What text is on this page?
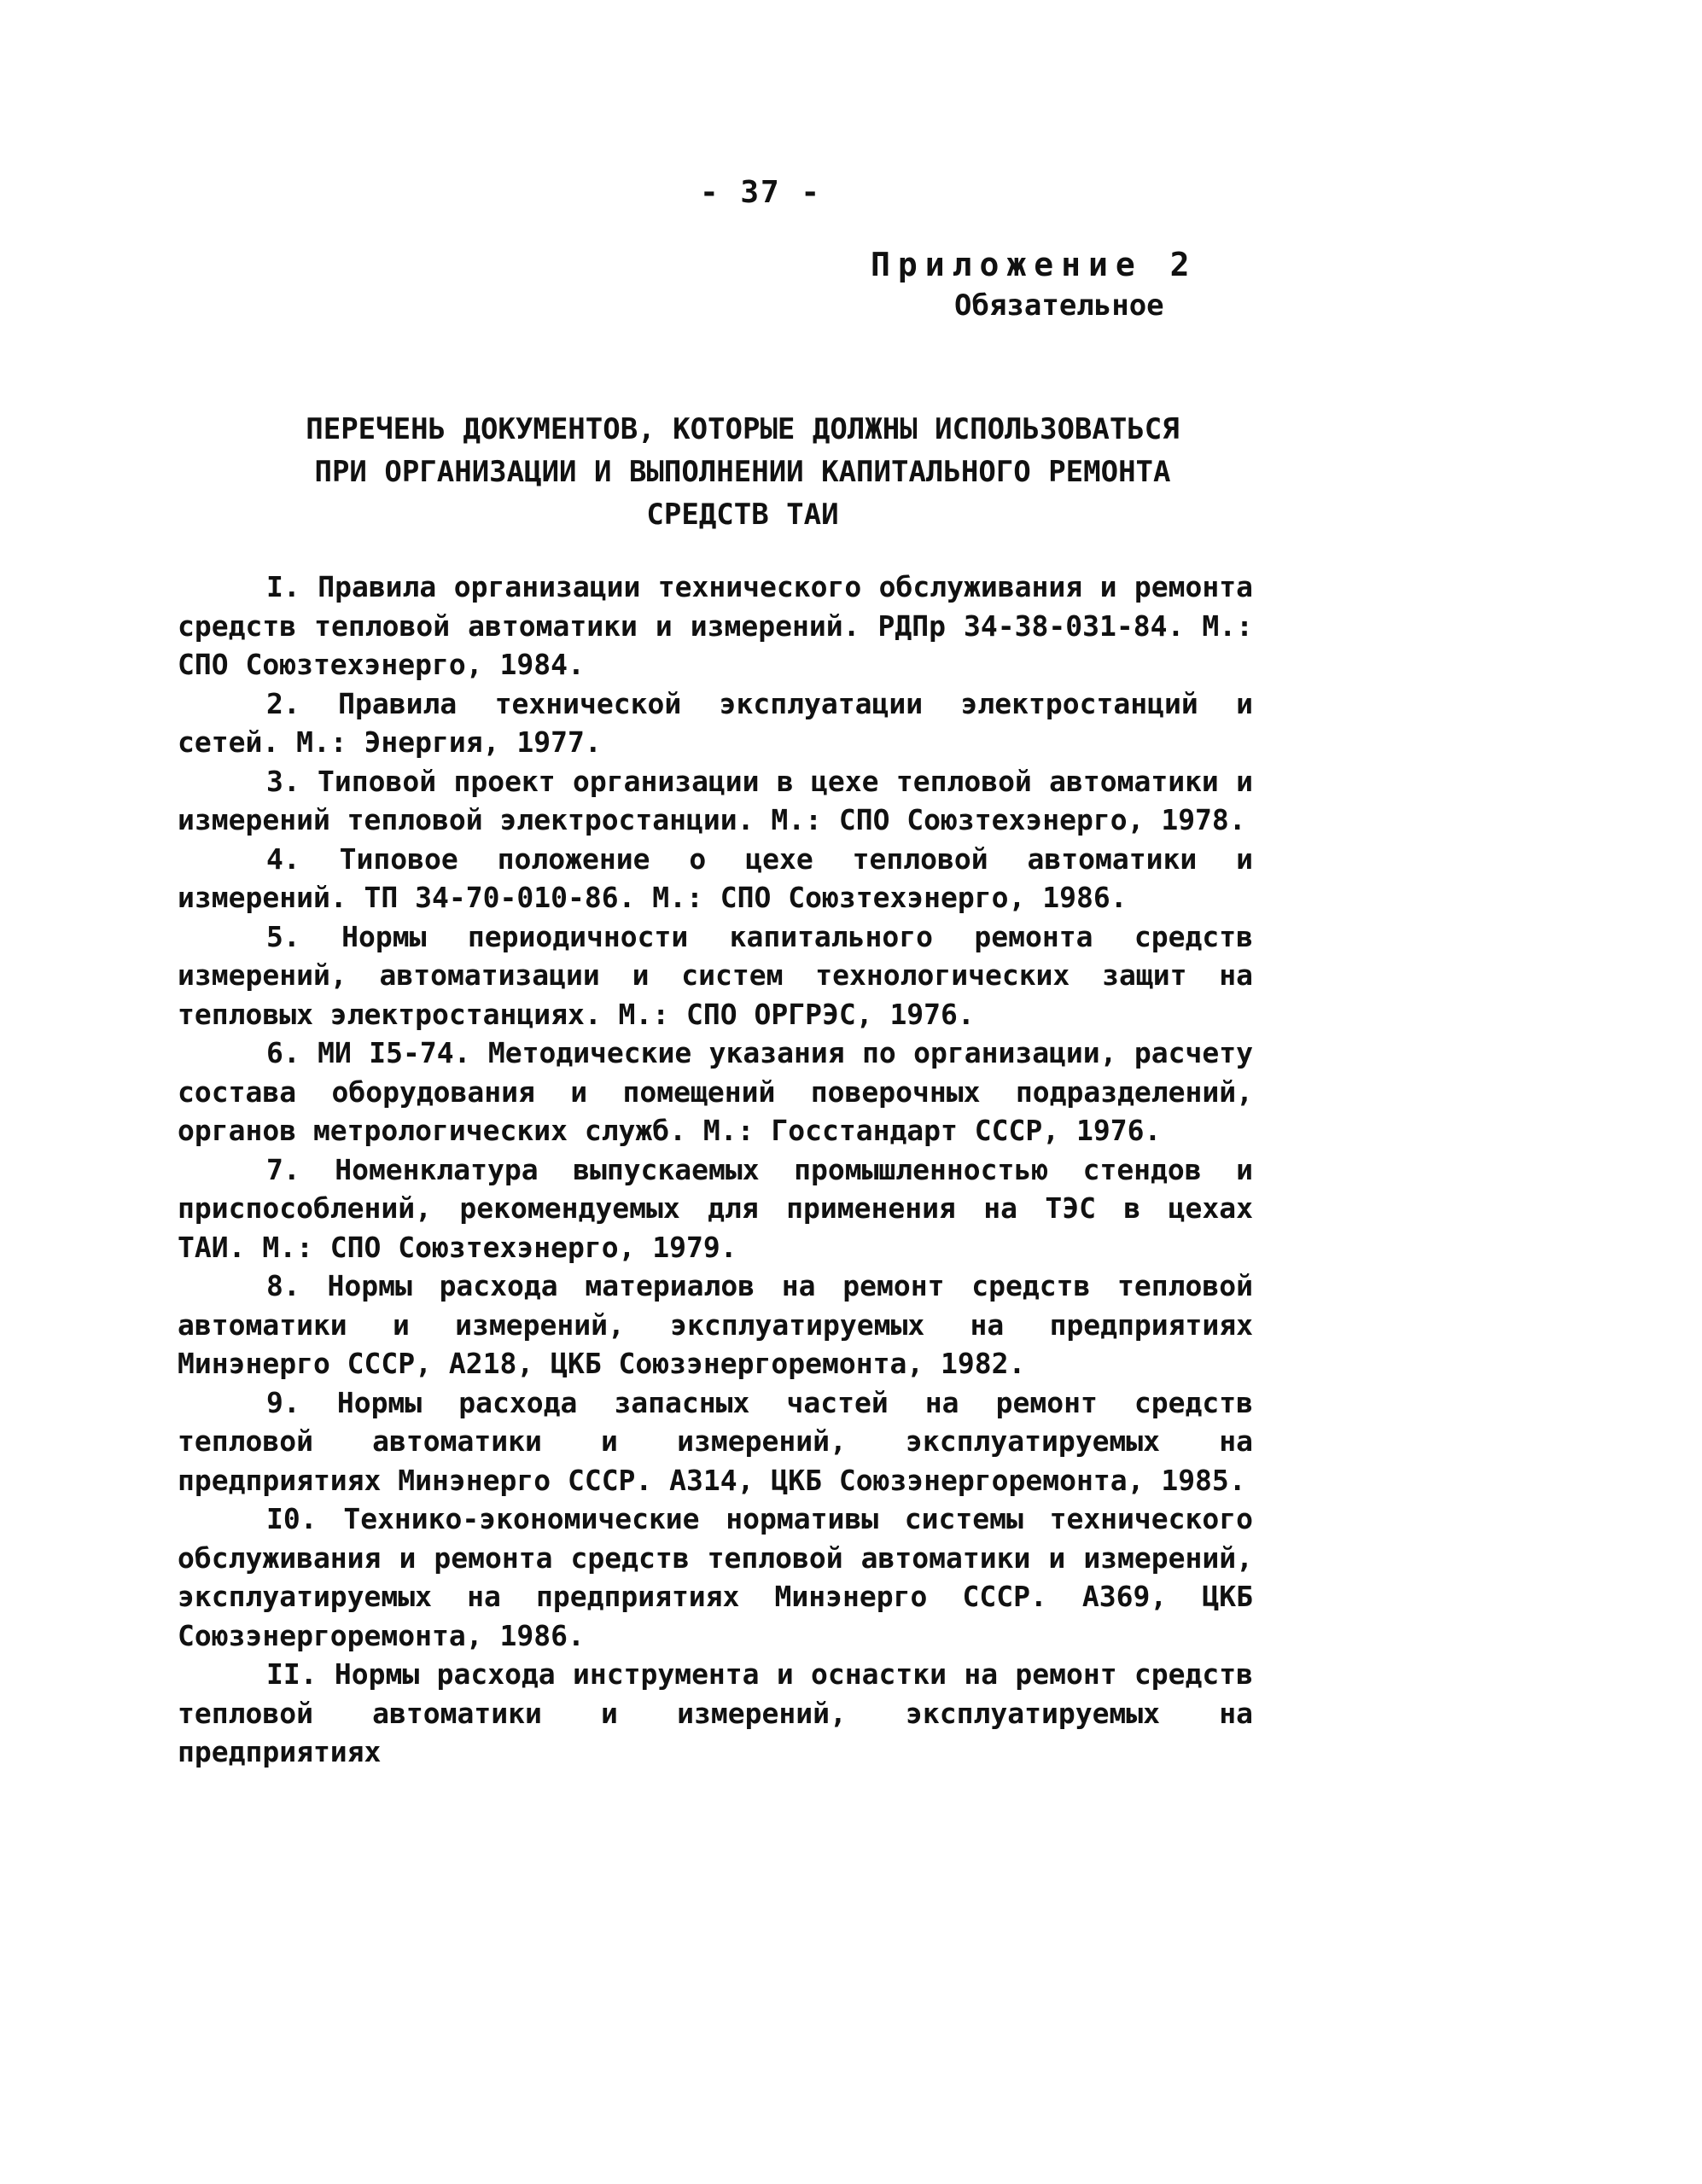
- 37 -
Приложение 2
Обязательное
ПЕРЕЧЕНЬ ДОКУМЕНТОВ, КОТОРЫЕ ДОЛЖНЫ ИСПОЛЬЗОВАТЬСЯ
ПРИ ОРГАНИЗАЦИИ И ВЫПОЛНЕНИИ КАПИТАЛЬНОГО РЕМОНТА
СРЕДСТВ ТАИ

I. Правила организации технического обслуживания и ремонта средств тепловой автоматики и измерений. РДПр 34-38-031-84. М.: СПО Союзтехэнерго, 1984.

2. Правила технической эксплуатации электростанций и сетей. М.: Энергия, 1977.

3. Типовой проект организации в цехе тепловой автоматики и измерений тепловой электростанции. М.: СПО Союзтехэнерго, 1978.

4. Типовое положение о цехе тепловой автоматики и измерений. ТП 34-70-010-86. М.: СПО Союзтехэнерго, 1986.

5. Нормы периодичности капитального ремонта средств измерений, автоматизации и систем технологических защит на тепловых электростанциях. М.: СПО ОРГРЭС, 1976.

6. МИ I5-74. Методические указания по организации, расчету состава оборудования и помещений поверочных подразделений, органов метрологических служб. М.: Госстандарт СССР, 1976.

7. Номенклатура выпускаемых промышленностью стендов и приспособлений, рекомендуемых для применения на ТЭС в цехах ТАИ. М.: СПО Союзтехэнерго, 1979.

8. Нормы расхода материалов на ремонт средств тепловой автоматики и измерений, эксплуатируемых на предприятиях Минэнерго СССР, А218, ЦКБ Союзэнергоремонта, 1982.

9. Нормы расхода запасных частей на ремонт средств тепловой автоматики и измерений, эксплуатируемых на предприятиях Минэнерго СССР. А314, ЦКБ Союзэнергоремонта, 1985.

I0. Технико-экономические нормативы системы технического обслуживания и ремонта средств тепловой автоматики и измерений, эксплуатируемых на предприятиях Минэнерго СССР. А369, ЦКБ Союзэнергоремонта, 1986.

II. Нормы расхода инструмента и оснастки на ремонт средств тепловой автоматики и измерений, эксплуатируемых на предприятиях
